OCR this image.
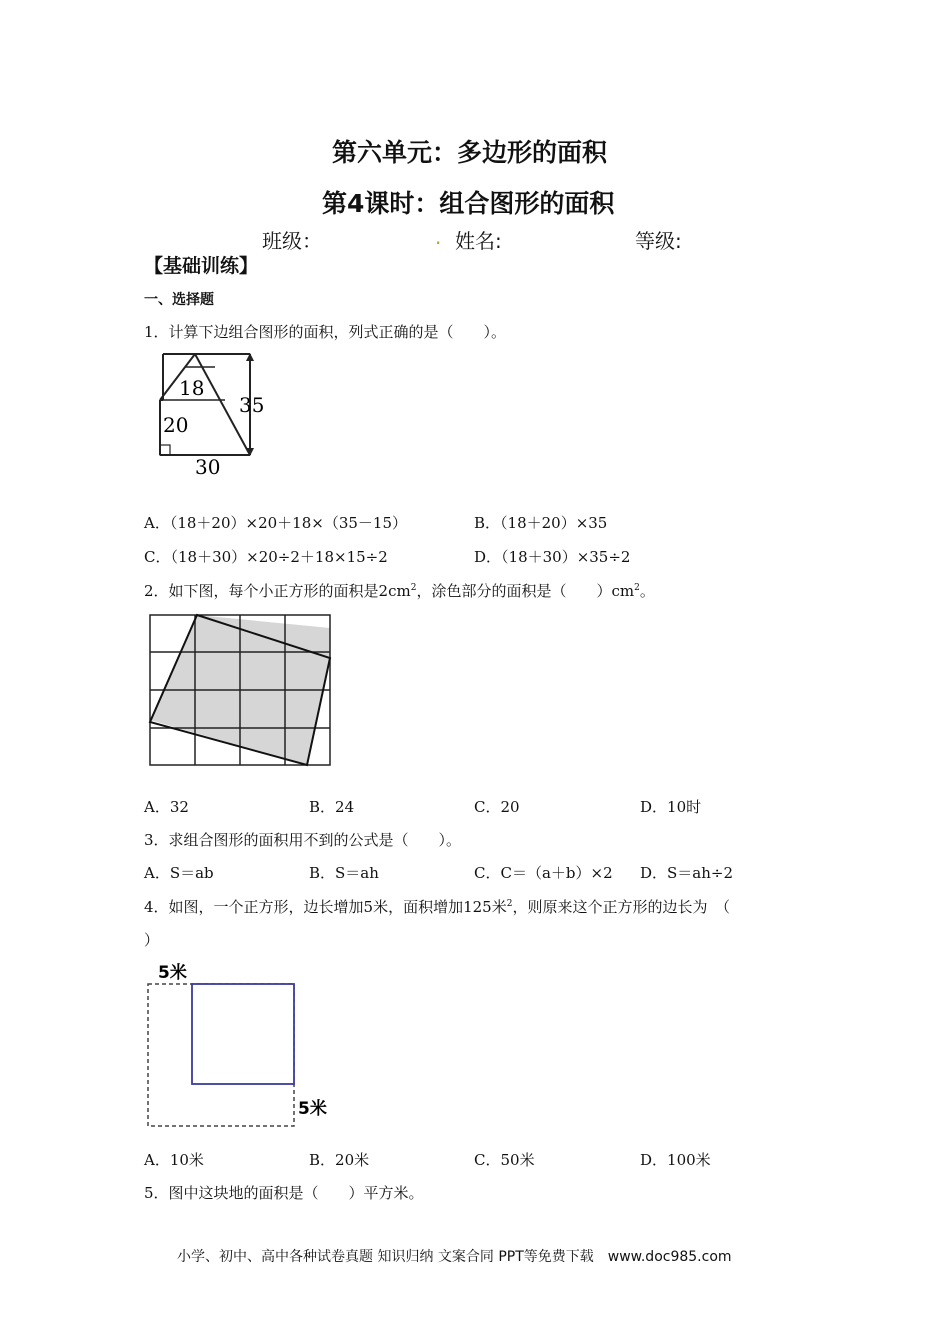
第六单元：多边形的面积
第4课时：组合图形的面积
班级：	. 姓名:	等级:
【基础训练】
一、选择题
1．计算下边组合图形的面积，列式正确的是（　　）。
18
35
20
30
A．（18＋20）×20＋18×（35－15）	B．（18＋20）×35
C．（18＋30）×20÷2＋18×15÷2	D．（18＋30）×35÷2
2．如下图，每个小正方形的面积是$2cm^2$，涂色部分的面积是（　　）$cm^2$。
A．32	B．24	C．20	D．10时
3．求组合图形的面积用不到的公式是（　　）。
A．S＝ab	B．S＝ah	C．C＝（a＋b）×2 D．S＝ah÷2
4．如图，一个正方形，边长增加5米，面积增加125米$^2$，则原来这个正方形的边长为　（
）
5米
5米
A．10米	B．20米	C．50米	D．100米
5．图中这块地的面积是（　　）平方米。
小学、初中、高中各种试卷真题 知识归纳 文案合同 PPT等免费下载　www.doc985.com
